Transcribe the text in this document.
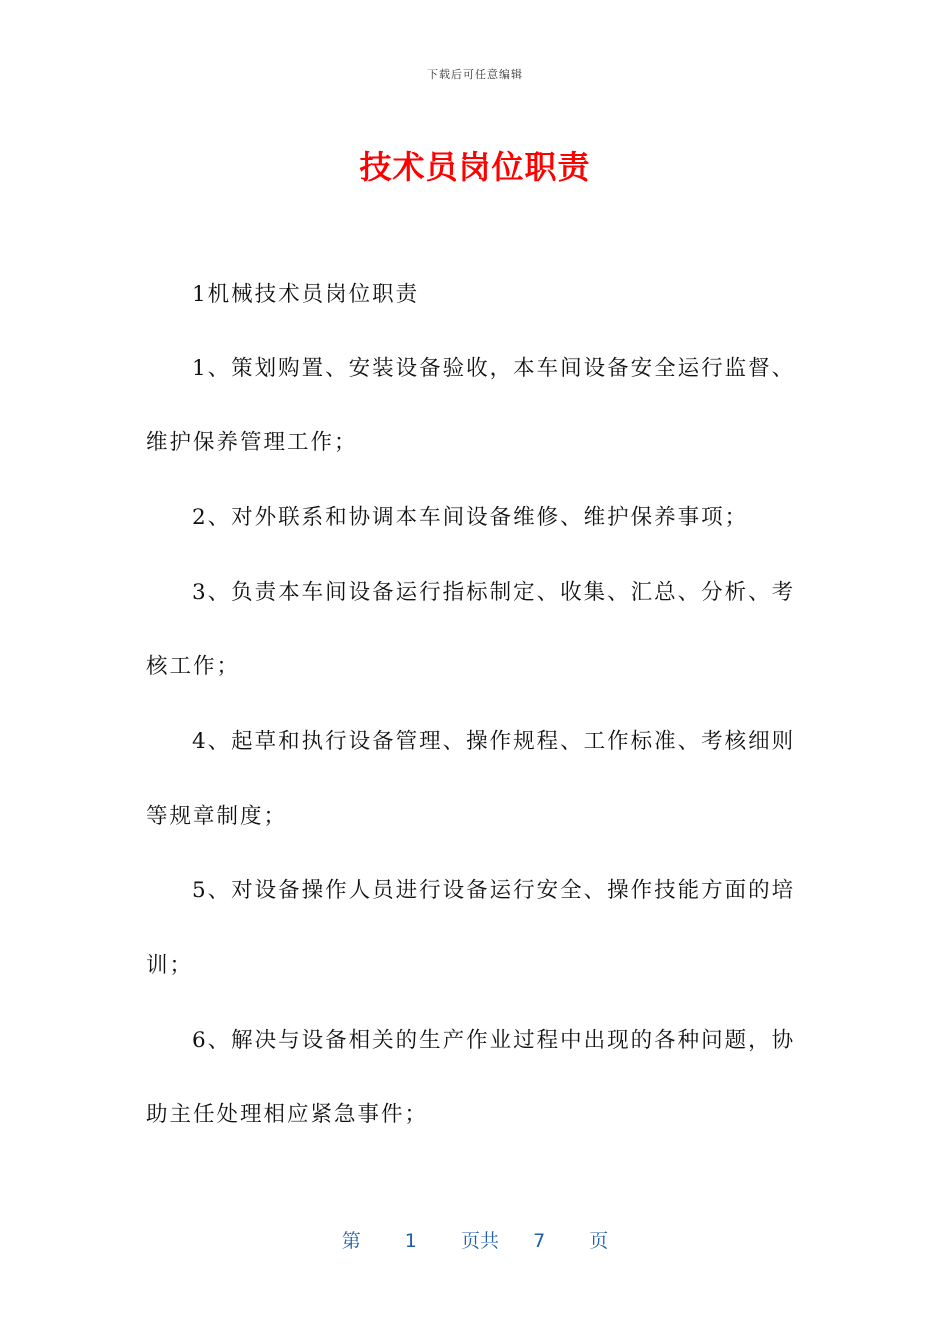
下载后可任意编辑
技术员岗位职责
1机械技术员岗位职责
1、策划购置、安装设备验收，本车间设备安全运行监督、
维护保养管理工作；
2、对外联系和协调本车间设备维修、维护保养事项；
3、负责本车间设备运行指标制定、收集、汇总、分析、考
核工作；
4、起草和执行设备管理、操作规程、工作标准、考核细则
等规章制度；
5、对设备操作人员进行设备运行安全、操作技能方面的培
训；
6、解决与设备相关的生产作业过程中出现的各种问题，协
助主任处理相应紧急事件；
第 1 页共 7 页
